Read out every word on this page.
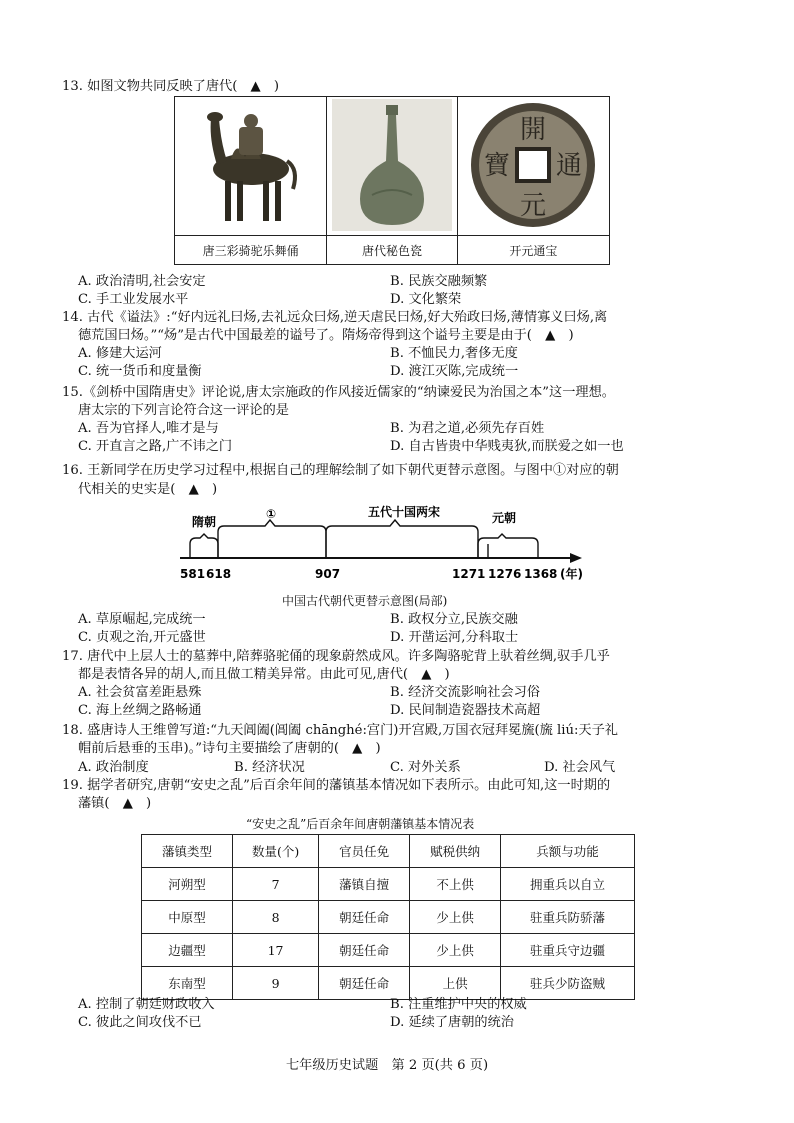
13. 如图文物共同反映了唐代(　▲　)

開
元
通
寶

唐三彩骑驼乐舞俑	唐代秘色瓷	开元通宝
A. 政治清明,社会安定	B. 民族交融频繁
C. 手工业发展水平	D. 文化繁荣
14. 古代《谥法》:“好内远礼曰炀,去礼远众曰炀,逆天虐民曰炀,好大殆政曰炀,薄情寡义曰炀,离
德荒国曰炀。”“炀”是古代中国最差的谥号了。隋炀帝得到这个谥号主要是由于(　▲　)
A. 修建大运河	B. 不恤民力,奢侈无度
C. 统一货币和度量衡	D. 渡江灭陈,完成统一
15.《剑桥中国隋唐史》评论说,唐太宗施政的作风接近儒家的“纳谏爱民为治国之本”这一理想。
唐太宗的下列言论符合这一评论的是
A. 吾为官择人,唯才是与	B. 为君之道,必须先存百姓
C. 开直言之路,广不讳之门	D. 自古皆贵中华贱夷狄,而朕爱之如一也
16. 王新同学在历史学习过程中,根据自己的理解绘制了如下朝代更替示意图。与图中①对应的朝
代相关的史实是(　▲　)
隋朝
①	五代十国两宋	元朝
581 618	907	1271 1276 1368 (年)
中国古代朝代更替示意图(局部)
A. 草原崛起,完成统一	B. 政权分立,民族交融
C. 贞观之治,开元盛世	D. 开凿运河,分科取士
17. 唐代中上层人士的墓葬中,陪葬骆驼俑的现象蔚然成风。许多陶骆驼背上驮着丝绸,驭手几乎
都是表情各异的胡人,而且做工精美异常。由此可见,唐代(　▲　)
A. 社会贫富差距悬殊	B. 经济交流影响社会习俗
C. 海上丝绸之路畅通	D. 民间制造瓷器技术高超
18. 盛唐诗人王维曾写道:“九天阊阖(阊阖 chānghé:宫门)开宫殿,万国衣冠拜冕旒(旒 liú:天子礼
帽前后悬垂的玉串)。”诗句主要描绘了唐朝的(　▲　)
A. 政治制度	B. 经济状况	C. 对外关系	D. 社会风气
19. 据学者研究,唐朝“安史之乱”后百余年间的藩镇基本情况如下表所示。由此可知,这一时期的
藩镇(　▲　)
“安史之乱”后百余年间唐朝藩镇基本情况表
藩镇类型	数量(个)	官员任免	赋税供纳	兵额与功能
河朔型	7	藩镇自擅	不上供	拥重兵以自立
中原型	8	朝廷任命	少上供	驻重兵防骄藩
边疆型	17	朝廷任命	少上供	驻重兵守边疆
东南型	9	朝廷任命	上供	驻兵少防盗贼
A. 控制了朝廷财政收入	B. 注重维护中央的权威
C. 彼此之间攻伐不已	D. 延续了唐朝的统治
七年级历史试题　第 2 页(共 6 页)
